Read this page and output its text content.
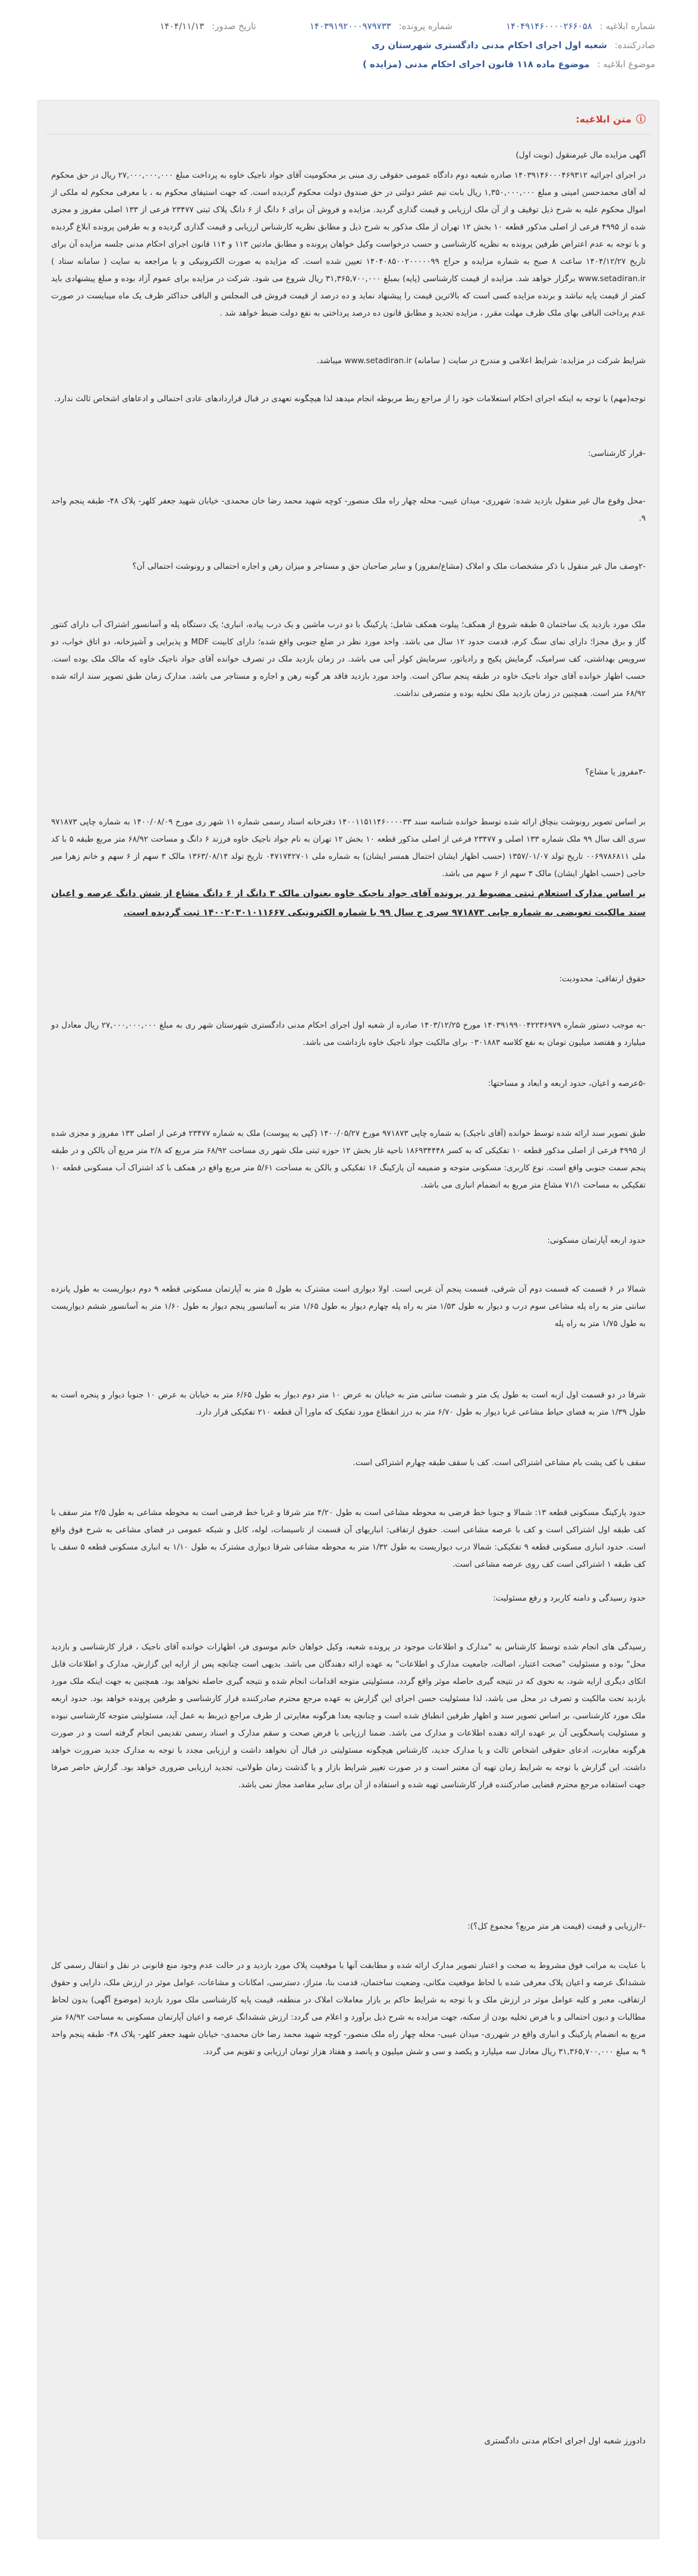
شماره ابلاغیه : ۱۴۰۴۹۱۴۶۰۰۰۰۲۶۶۰۵۸
شماره پرونده: ۱۴۰۳۹۱۹۲۰۰۰۹۷۹۷۳۳
تاریخ صدور: ۱۴۰۴/۱۱/۱۳
صادرکننده: شعبه اول اجرای احکام مدنی دادگستری شهرستان ری
موضوع ابلاغیه : موضوع ماده ۱۱۸ قانون اجرای احکام مدنی (مزایده )
ⓘ
متن ابلاغیه:

آگهی مزایده مال غیرمنقول (نوبت اول)

در اجرای اجرائیه ۱۴۰۳۹۱۴۶۰۰۰۴۶۹۳۱۲ صادره شعبه دوم دادگاه عمومی حقوقی ری مبنی بر محکومیت آقای جواد ناجیک خاوه به پرداخت مبلغ ۲۷,۰۰۰,۰۰۰,۰۰۰ ریال در حق محکوم له آقای محمدحسن امینی و مبلغ ۱,۳۵۰,۰۰۰,۰۰۰ ریال بابت نیم عشر دولتی در حق صندوق دولت محکوم گردیده است. که جهت استیفای محکوم به ، با معرفی محکوم له ملکی از اموال محکوم علیه به شرح ذیل توقیف و از آن ملک ارزیابی و قیمت گذاری گردید. مزایده و فروش آن برای ۶ دانگ از ۶ دانگ پلاک ثبتی ۲۳۴۷۷ فرعی از ۱۳۳ اصلی مفروز و مجزی شده از ۴۹۹۵ فرعی از اصلی مذکور قطعه ۱۰ بخش ۱۲ تهران از ملک مذکور به شرح ذیل و مطابق نظریه کارشناس ارزیابی و قیمت گذاری گردیده و به طرفین پرونده ابلاغ گردیده و با توجه به عدم اعتراض طرفین پرونده به نظریه کارشناسی و حسب درخواست وکیل خواهان پرونده و مطابق مادتین ۱۱۳ و ۱۱۴ قانون اجرای احکام مدنی جلسه مزایده آن برای تاریخ ۱۴۰۴/۱۲/۲۷ ساعت ۸ صبح به شماره مزایده و حراج ۱۴۰۴۰۸۵۰۰۲۰۰۰۰۰۹۹ تعیین شده است. که مزایده به صورت الکترونیکی و با مراجعه به سایت ( سامانه ستاد ) www.setadiran.ir برگزار خواهد شد. مزایده از قیمت کارشناسی (پایه) بمبلغ ۳۱,۳۶۵,۷۰۰,۰۰۰ ریال شروع می شود. شرکت در مزایده برای عموم آزاد بوده و مبلغ پیشنهادی باید کمتر از قیمت پایه نباشد و برنده مزایده کسی است که بالاترین قیمت را پیشنهاد نماید و ده درصد از قیمت فروش فی المجلس و الباقی حداکثر ظرف یک ماه میبایست در صورت عدم پرداخت الباقی بهای ملک ظرف مهلت مقرر ، مزایده تجدید و مطابق قانون ده درصد پرداختی به نفع دولت ضبط خواهد شد .

شرایط شرکت در مزایده: شرایط اعلامی و مندرج در سایت ( سامانه) www.setadiran.ir میباشد.

توجه(مهم) با توجه به اینکه اجرای احکام استعلامات خود را از مراجع ربط مربوطه انجام میدهد لذا هیچگونه تعهدی در قبال قراردادهای عادی احتمالی و ادعاهای اشخاص ثالث ندارد.

-قرار کارشناسی:

-محل وقوع مال غیر منقول بازدید شده: شهرری- میدان عیبی- محله چهار راه ملک منصور- کوچه شهید محمد رضا خان محمدی- خیابان شهید جعفر کلهر- پلاک ۴۸- طبقه پنجم واحد ۹.

-۲وصف مال غیر منقول با ذکر مشخصات ملک و املاک (مشاع/مفروز) و سایر صاحبان حق و مستاجر و میزان رهن و اجاره احتمالی و رونوشت احتمالی آن؟

ملک مورد بازدید یک ساختمان ۵ طبقه شروع از همکف؛ پیلوت همکف شامل: پارکینگ با دو درب ماشین و یک درب پیاده، انباری؛ یک دستگاه پله و آسانسور اشتراک آب دارای کنتور گاز و برق مجزا؛ دارای نمای سنگ کرم، قدمت حدود ۱۲ سال می باشد. واحد مورد نظر در ضلع جنوبی واقع شده؛ دارای کابینت MDF و پذیرایی و آشپزخانه، دو اتاق خواب، دو سرویس بهداشتی، کف سرامیک، گرمایش پکیج و رادیاتور، سرمایش کولر آبی می باشد. در زمان بازدید ملک در تصرف خوانده آقای جواد ناجیک خاوه که مالک ملک بوده است. حسب اظهار خوانده آقای جواد ناجیک خاوه در طبقه پنجم ساکن است. واحد مورد بازدید فاقد هر گونه رهن و اجاره و مستاجر می باشد. مدارک زمان طبق تصویر سند ارائه شده ۶۸/۹۲ متر است. همچنین در زمان بازدید ملک تخلیه بوده و متصرفی نداشت.

-۳مفروز یا مشاع؟

بر اساس تصویر رونوشت بنچاق ارائه شده توسط خوانده شناسه سند ۱۴۰۰۱۱۵۱۱۴۶۰۰۰۰۳۳ دفترخانه اسناد رسمی شماره ۱۱ شهر ری مورخ ۱۴۰۰/۰۸/۰۹ به شماره چاپی ۹۷۱۸۷۳ سری الف سال ۹۹ ملک شماره ۱۳۳ اصلی و ۲۳۴۷۷ فرعی از اصلی مذکور قطعه ۱۰ بخش ۱۲ تهران به نام جواد ناجیک خاوه فرزند ۶ دانگ و مساحت ۶۸/۹۲ متر مربع طبقه ۵ با کد ملی ۰۰۶۹۷۸۶۸۱۱ تاریخ تولد ۱۳۵۷/۰۱/۰۷ (حسب اظهار ایشان احتمال همسر ایشان) به شماره ملی ۰۴۷۱۷۴۲۷۰۱ تاریخ تولد ۱۳۶۳/۰۸/۱۴ مالک ۳ سهم از ۶ سهم و خانم زهرا میر حاجی (حسب اظهار ایشان) مالک ۳ سهم از ۶ سهم می باشد.

بر اساس مدارک استعلام ثبتی مضبوط در پرونده آقای جواد ناجیک خاوه بعنوان مالک ۳ دانگ از ۶ دانگ مشاع از شش دانگ عرصه و اعیان سند مالکیت تعویضی به شماره چاپی ۹۷۱۸۷۳ سری ج سال ۹۹ با شماره الکترونیکی ۱۴۰۰۲۰۳۰۱۰۱۱۶۶۷ ثبت گردیده است.

حقوق ارتفاقی: محدودیت:

-به موجب دستور شماره ۱۴۰۳۹۱۹۹۰۰۴۲۲۳۶۹۷۹ مورخ ۱۴۰۳/۱۲/۲۵ صادره از شعبه اول اجرای احکام مدنی دادگستری شهرستان شهر ری به مبلغ ۲۷,۰۰۰,۰۰۰,۰۰۰ ریال معادل دو میلیارد و هفتصد میلیون تومان به نفع کلاسه ۰۳۰۱۸۸۳ برای مالکیت جواد ناجیک خاوه بازداشت می باشد.

-۵عرصه و اعیان، حدود اربعه و ابعاد و مساحتها:

طبق تصویر سند ارائه شده توسط خوانده (آقای ناجیک) به شماره چاپی ۹۷۱۸۷۳ مورخ ۱۴۰۰/۰۵/۲۷ (کپی به پیوست) ملک به شماره ۲۳۴۷۷ فرعی از اصلی ۱۳۳ مفروز و مجزی شده از ۴۹۹۵ فرعی از اصلی مذکور قطعه ۱۰ تفکیکی که به کسر ۱۸۶۹۳۴۴۴۸ ناحیه غار بخش ۱۲ حوزه ثبتی ملک شهر ری مساحت ۶۸/۹۲ متر مربع که ۲/۸ متر مربع آن بالکن و در طبقه پنجم سمت جنوبی واقع است. نوع کاربری: مسکونی متوجه و ضمیمه آن پارکینگ ۱۶ تفکیکی و بالکن به مساحت ۵/۶۱ متر مربع واقع در همکف با کد اشتراک آب مسکونی قطعه ۱۰ تفکیکی به مساحت ۷۱/۱ مشاع متر مربع به انضمام انباری می باشد.

حدود اربعه آپارتمان مسکونی:

شمالا در ۶ قسمت که قسمت دوم آن شرقی، قسمت پنجم آن غربی است. اولا دیواری است مشترک به طول ۵ متر به آپارتمان مسکونی قطعه ۹ دوم دیواریست به طول پانزده سانتی متر به راه پله مشاعی سوم درب و دیوار به طول ۱/۵۳ متر به راه پله چهارم دیوار به طول ۱/۶۵ متر به آسانسور پنجم دیوار به طول ۱/۶۰ متر به آسانسور ششم دیواریست به طول ۱/۷۵ متر به راه پله

شرقا در دو قسمت اول ازبه است به طول یک متر و شصت سانتی متر به خیابان به عرض ۱۰ متر دوم دیوار به طول ۶/۶۵ متر به خیابان به عرض ۱۰ جنوبا دیوار و پنجره است به طول ۱/۳۹ متر به فضای حیاط مشاعی غربا دیوار به طول ۶/۷۰ متر به درز انقطاع مورد تفکیک که ماورا آن قطعه ۲۱۰ تفکیکی قرار دارد.

سقف با کف پشت بام مشاعی اشتراکی است. کف با سقف طبقه چهارم اشتراکی است.

حدود پارکینگ مسکونی قطعه ۱۳: شمالا و جنوبا خط فرضی به محوطه مشاعی است به طول ۴/۲۰ متر شرقا و غربا خط فرضی است به محوطه مشاعی به طول ۲/۵ متر سقف با کف طبقه اول اشتراکی است و کف با عرصه مشاعی است. حقوق ارتفاقی: انباریهای آن قسمت از تاسیسات، لوله، کابل و شبکه عمومی در فضای مشاعی به شرح فوق واقع است. حدود انباری مسکونی قطعه ۹ تفکیکی: شمالا درب دیواریست به طول ۱/۳۲ متر به محوطه مشاعی شرقا دیواری مشترک به طول ۱/۱۰ به انباری مسکونی قطعه ۵ سقف با کف طبقه ۱ اشتراکی است کف روی عرصه مشاعی است.

حدود رسیدگی و دامنه کاربرد و رفع مسئولیت:

رسیدگی های انجام شده توسط کارشناس به "مدارک و اطلاعات موجود در پرونده شعبه، وکیل خواهان خانم موسوی فر، اظهارات خوانده آقای ناجیک ، قرار کارشناسی و بازدید محل" بوده و مسئولیت "صحت اعتبار، اصالت، جامعیت مدارک و اطلاعات" به عهده ارائه دهندگان می باشد. بدیهی است چنانچه پس از ارایه این گزارش، مدارک و اطلاعات قابل اتکای دیگری ارایه شود، به نحوی که در نتیجه گیری حاصله موثر واقع گردد، مسئولیتی متوجه اقدامات انجام شده و نتیجه گیری حاصله نخواهد بود. همچنین به جهت اینکه ملک مورد بازدید تحت مالکیت و تصرف در محل می باشد، لذا مسئولیت حسن اجرای این گزارش به عهده مرجع محترم صادرکننده قرار کارشناسی و طرفین پرونده خواهد بود. حدود اربعه ملک مورد کارشناسی، بر اساس تصویر سند و اظهار طرفین انطباق شده است و چنانچه بعدا هرگونه مغایرتی از طرف مراجع ذیربط به عمل آید، مسئولیتی متوجه کارشناسی نبوده و مسئولیت پاسخگویی آن بر عهده ارائه دهنده اطلاعات و مدارک می باشد. ضمنا ارزیابی با فرض صحت و سقم مدارک و اسناد رسمی تقدیمی انجام گرفته است و در صورت هرگونه مغایرت، ادعای حقوقی اشخاص ثالث و یا مدارک جدید، کارشناس هیچگونه مسئولیتی در قبال آن نخواهد داشت و ارزیابی مجدد با توجه به مدارک جدید ضرورت خواهد داشت. این گزارش با توجه به شرایط زمان تهیه آن معتبر است و در صورت تغییر شرایط بازار و یا گذشت زمان طولانی، تجدید ارزیابی ضروری خواهد بود. گزارش حاضر صرفا جهت استفاده مرجع محترم قضایی صادرکننده قرار کارشناسی تهیه شده و استفاده از آن برای سایر مقاصد مجاز نمی باشد.

-۶ارزیابی و قیمت (قیمت هر متر مربع؟ مجموع کل؟):

با عنایت به مراتب فوق مشروط به صحت و اعتبار تصویر مدارک ارائه شده و مطابقت آنها با موقعیت پلاک مورد بازدید و در حالت عدم وجود منع قانونی در نقل و انتقال رسمی کل ششدانگ عرصه و اعیان پلاک معرفی شده با لحاظ موقعیت مکانی، وضعیت ساختمان، قدمت بنا، متراژ، دسترسی، امکانات و مشاعات، عوامل موثر در ارزش ملک، دارایی و حقوق ارتفاقی، معبر و کلیه عوامل موثر در ارزش ملک و با توجه به شرایط حاکم بر بازار معاملات املاک در منطقه، قیمت پایه کارشناسی ملک مورد بازدید (موضوع آگهی) بدون لحاظ مطالبات و دیون احتمالی و با فرض تخلیه بودن از سکنه، جهت مزایده به شرح ذیل برآورد و اعلام می گردد: ارزش ششدانگ عرصه و اعیان آپارتمان مسکونی به مساحت ۶۸/۹۲ متر مربع به انضمام پارکینگ و انباری واقع در شهرری- میدان عیبی- محله چهار راه ملک منصور- کوچه شهید محمد رضا خان محمدی- خیابان شهید جعفر کلهر- پلاک ۴۸- طبقه پنجم واحد ۹ به مبلغ ۳۱,۳۶۵,۷۰۰,۰۰۰ ریال معادل سه میلیارد و یکصد و سی و شش میلیون و پانصد و هفتاد هزار تومان ارزیابی و تقویم می گردد.

دادورز شعبه اول اجرای احکام مدنی دادگستری
